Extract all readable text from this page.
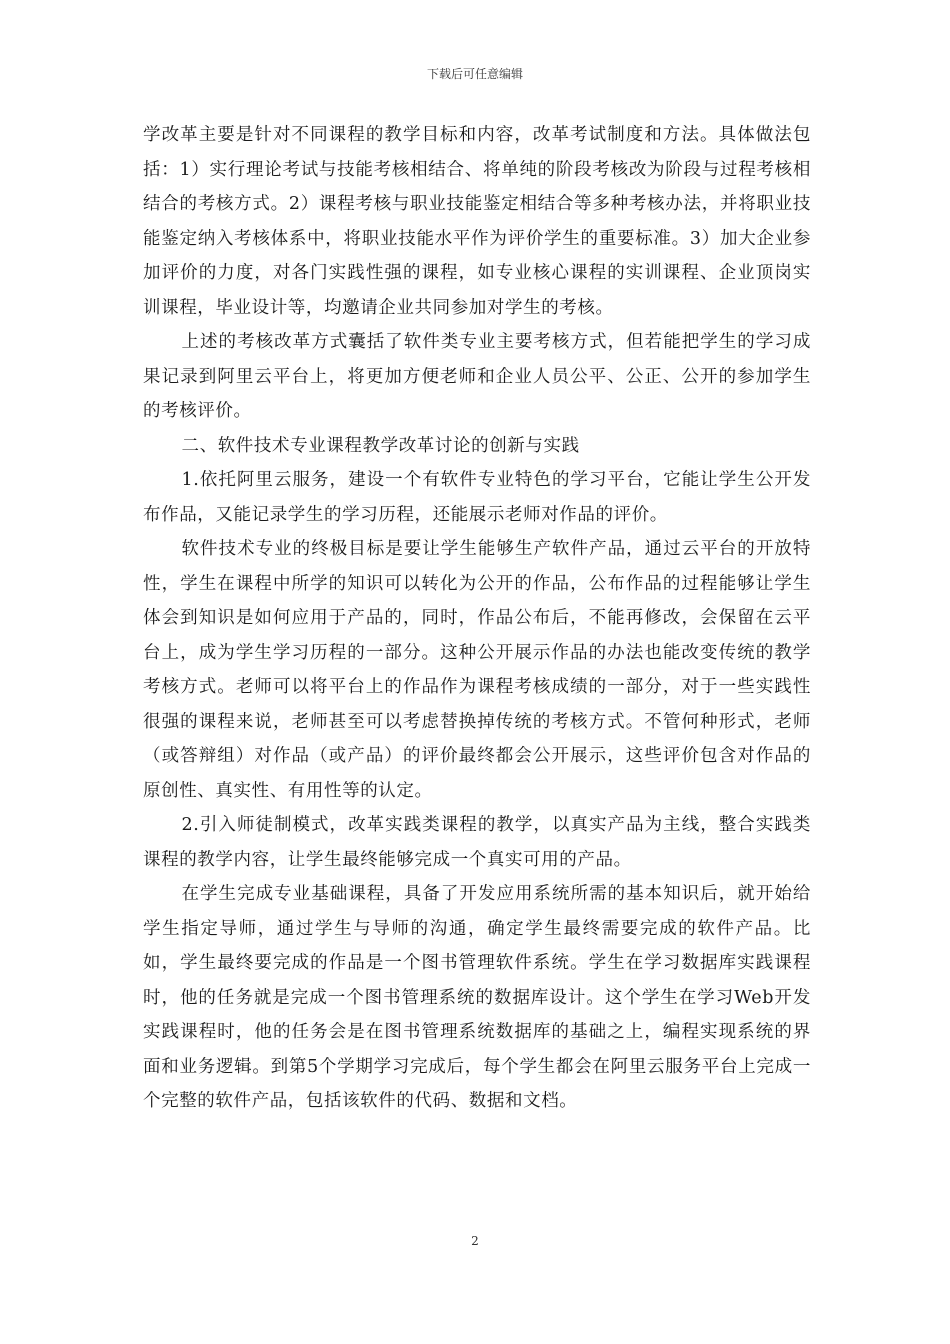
下载后可任意编辑

学改革主要是针对不同课程的教学目标和内容，改革考试制度和方法。具体做法包括：1）实行理论考试与技能考核相结合、将单纯的阶段考核改为阶段与过程考核相结合的考核方式。2）课程考核与职业技能鉴定相结合等多种考核办法，并将职业技能鉴定纳入考核体系中，将职业技能水平作为评价学生的重要标准。3）加大企业参加评价的力度，对各门实践性强的课程，如专业核心课程的实训课程、企业顶岗实训课程，毕业设计等，均邀请企业共同参加对学生的考核。

上述的考核改革方式囊括了软件类专业主要考核方式，但若能把学生的学习成果记录到阿里云平台上，将更加方便老师和企业人员公平、公正、公开的参加学生的考核评价。

二、软件技术专业课程教学改革讨论的创新与实践

1.依托阿里云服务，建设一个有软件专业特色的学习平台，它能让学生公开发布作品，又能记录学生的学习历程，还能展示老师对作品的评价。

软件技术专业的终极目标是要让学生能够生产软件产品，通过云平台的开放特性，学生在课程中所学的知识可以转化为公开的作品，公布作品的过程能够让学生体会到知识是如何应用于产品的，同时，作品公布后，不能再修改，会保留在云平台上，成为学生学习历程的一部分。这种公开展示作品的办法也能改变传统的教学考核方式。老师可以将平台上的作品作为课程考核成绩的一部分，对于一些实践性很强的课程来说，老师甚至可以考虑替换掉传统的考核方式。不管何种形式，老师（或答辩组）对作品（或产品）的评价最终都会公开展示，这些评价包含对作品的原创性、真实性、有用性等的认定。

2.引入师徒制模式，改革实践类课程的教学，以真实产品为主线，整合实践类课程的教学内容，让学生最终能够完成一个真实可用的产品。

在学生完成专业基础课程，具备了开发应用系统所需的基本知识后，就开始给学生指定导师，通过学生与导师的沟通，确定学生最终需要完成的软件产品。比如，学生最终要完成的作品是一个图书管理软件系统。学生在学习数据库实践课程时，他的任务就是完成一个图书管理系统的数据库设计。这个学生在学习Web开发实践课程时，他的任务会是在图书管理系统数据库的基础之上，编程实现系统的界面和业务逻辑。到第5个学期学习完成后，每个学生都会在阿里云服务平台上完成一个完整的软件产品，包括该软件的代码、数据和文档。

2
